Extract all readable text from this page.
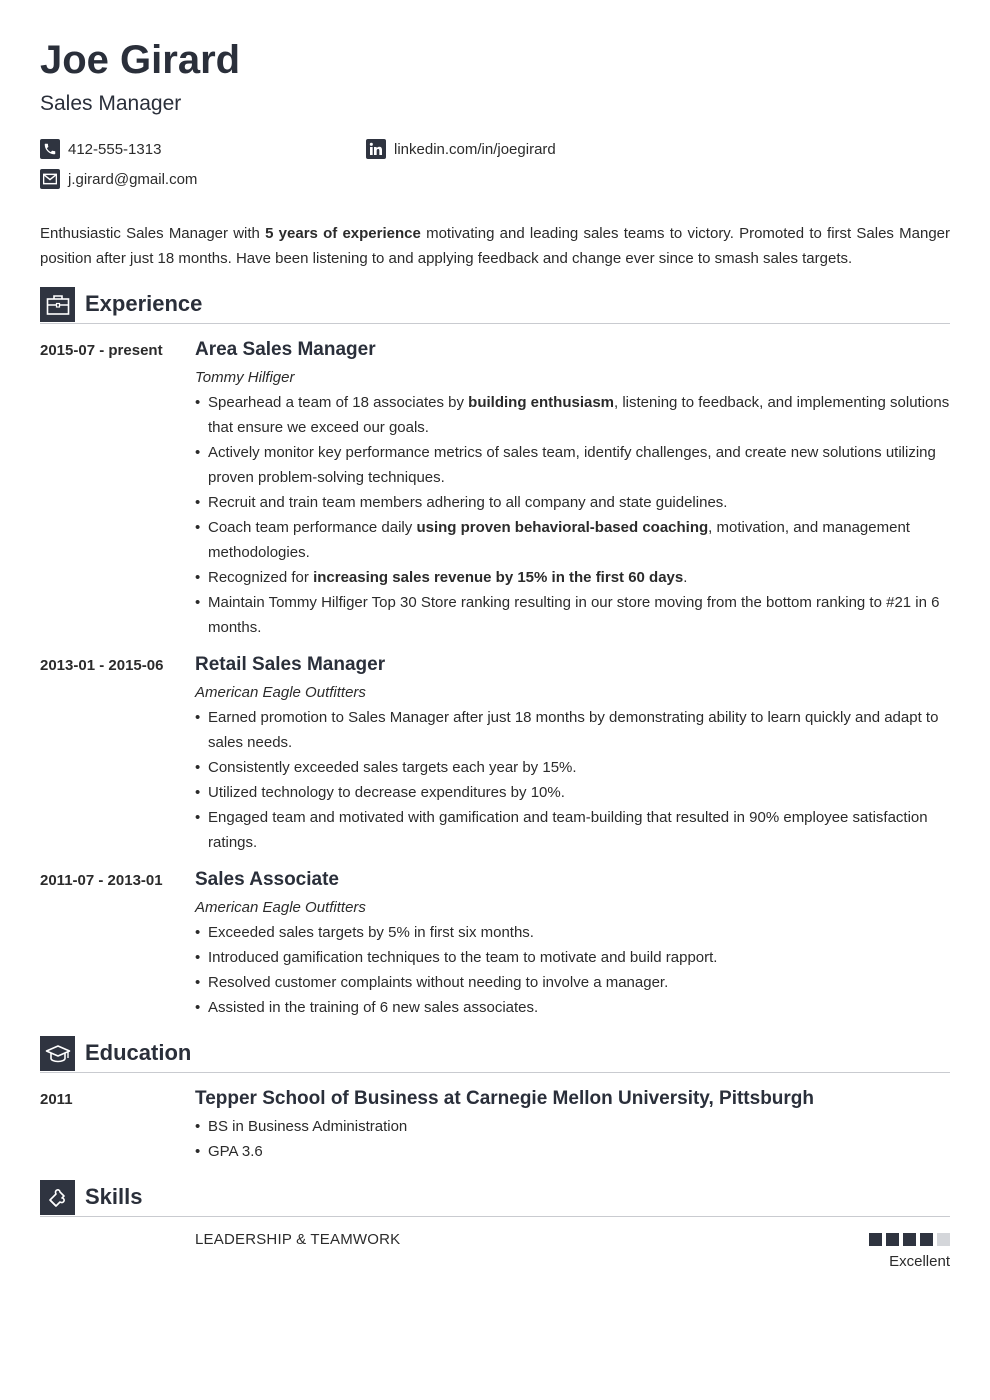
Joe Girard
Sales Manager
412-555-1313
j.girard@gmail.com
linkedin.com/in/joegirard
Enthusiastic Sales Manager with 5 years of experience motivating and leading sales teams to victory. Promoted to first Sales Manger position after just 18 months. Have been listening to and applying feedback and change ever since to smash sales targets.
Experience
2015-07 - present Area Sales Manager
Tommy Hilfiger
• Spearhead a team of 18 associates by building enthusiasm, listening to feedback, and implementing solutions that ensure we exceed our goals.
• Actively monitor key performance metrics of sales team, identify challenges, and create new solutions utilizing proven problem-solving techniques.
• Recruit and train team members adhering to all company and state guidelines.
• Coach team performance daily using proven behavioral-based coaching, motivation, and management methodologies.
• Recognized for increasing sales revenue by 15% in the first 60 days.
• Maintain Tommy Hilfiger Top 30 Store ranking resulting in our store moving from the bottom ranking to #21 in 6 months.
2013-01 - 2015-06 Retail Sales Manager
American Eagle Outfitters
• Earned promotion to Sales Manager after just 18 months by demonstrating ability to learn quickly and adapt to sales needs.
• Consistently exceeded sales targets each year by 15%.
• Utilized technology to decrease expenditures by 10%.
• Engaged team and motivated with gamification and team-building that resulted in 90% employee satisfaction ratings.
2011-07 - 2013-01 Sales Associate
American Eagle Outfitters
• Exceeded sales targets by 5% in first six months.
• Introduced gamification techniques to the team to motivate and build rapport.
• Resolved customer complaints without needing to involve a manager.
• Assisted in the training of 6 new sales associates.
Education
2011	Tepper School of Business at Carnegie Mellon University, Pittsburgh
• BS in Business Administration
• GPA 3.6
Skills
LEADERSHIP & TEAMWORK
Excellent
